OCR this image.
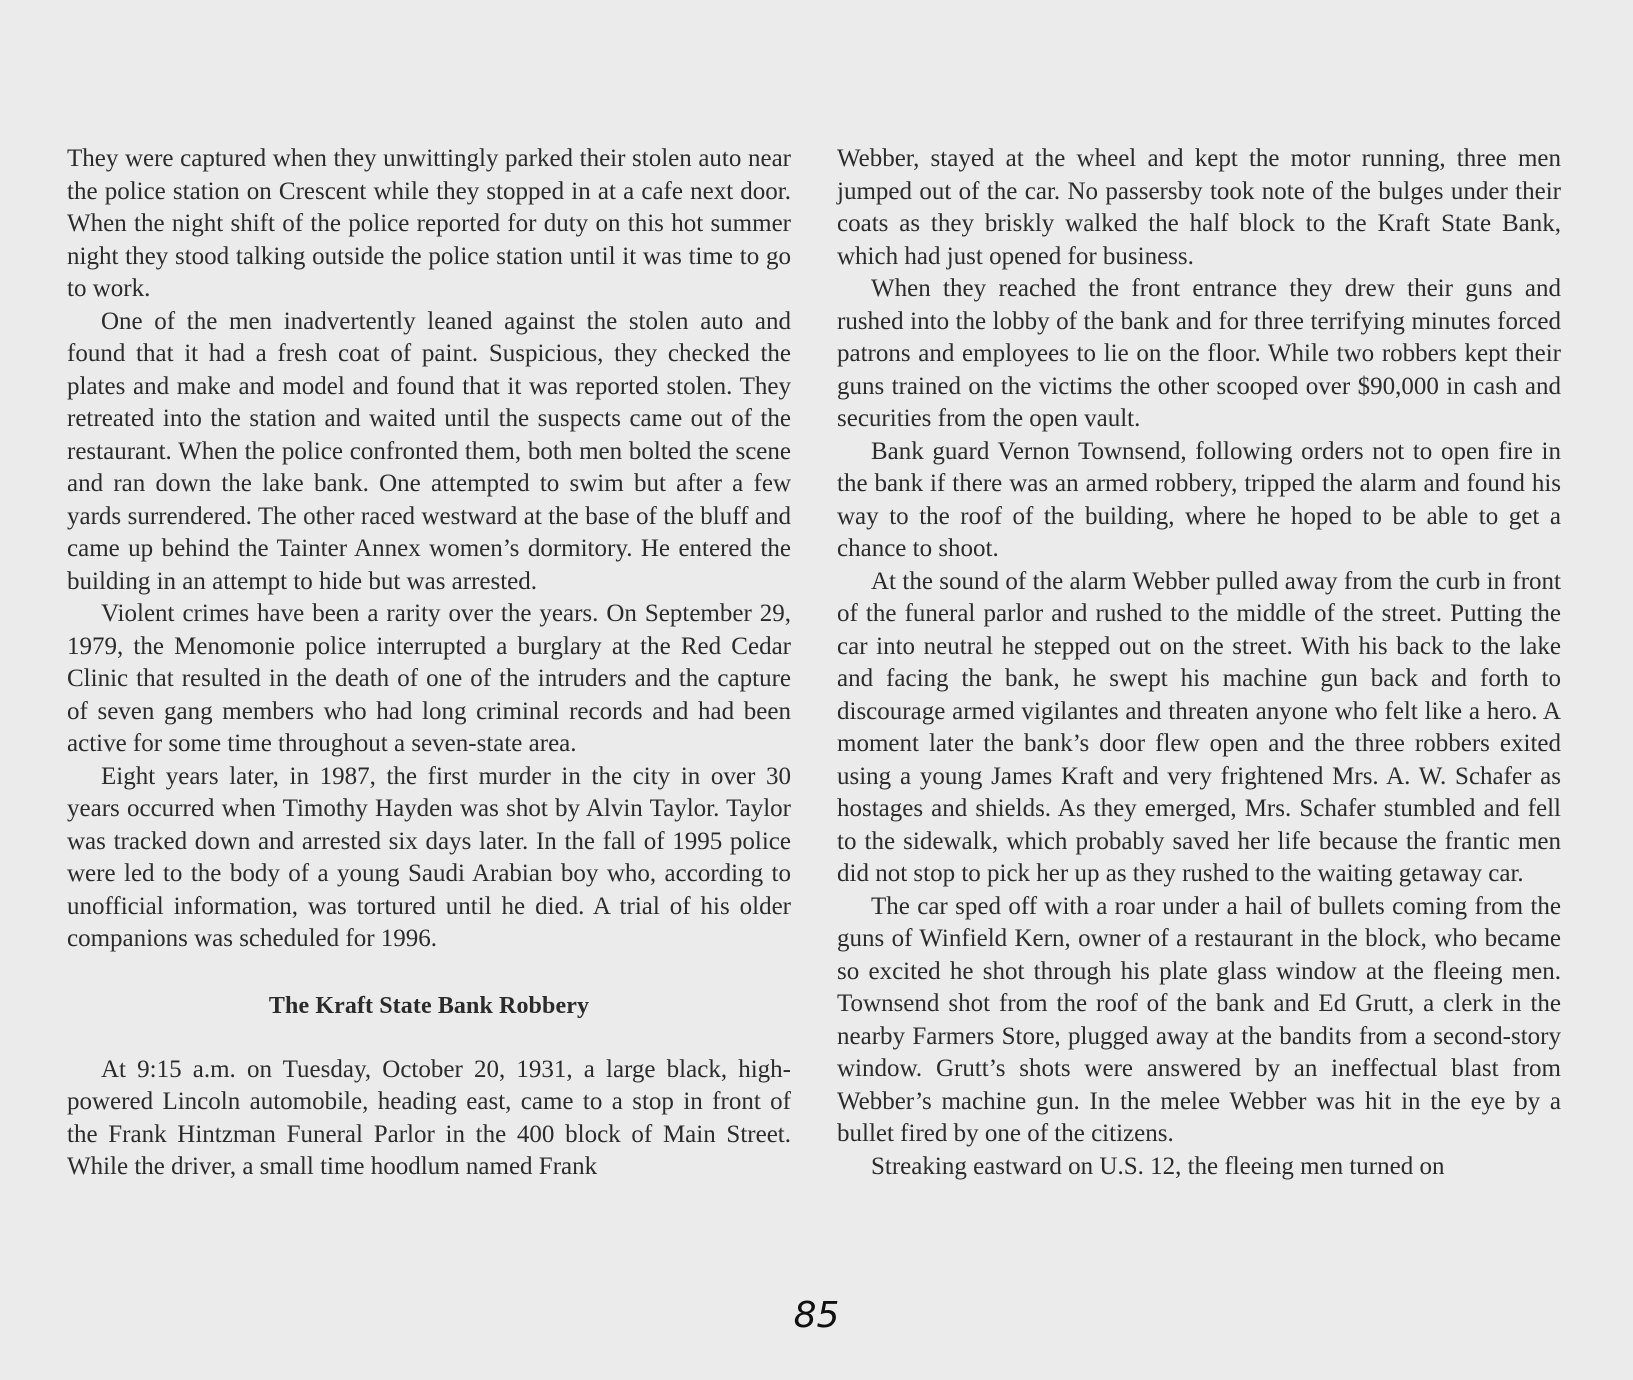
They were captured when they unwittingly parked their stolen auto near the police station on Crescent while they stopped in at a cafe next door. When the night shift of the police reported for duty on this hot summer night they stood talking outside the police station until it was time to go to work.

One of the men inadvertently leaned against the stolen auto and found that it had a fresh coat of paint. Suspicious, they checked the plates and make and model and found that it was reported stolen. They retreated into the station and waited until the suspects came out of the restaurant. When the police confronted them, both men bolted the scene and ran down the lake bank. One attempted to swim but after a few yards surrendered. The other raced westward at the base of the bluff and came up behind the Tainter Annex women’s dormitory. He entered the building in an attempt to hide but was arrested.

Violent crimes have been a rarity over the years. On September 29, 1979, the Menomonie police interrupted a burglary at the Red Cedar Clinic that resulted in the death of one of the intruders and the capture of seven gang members who had long criminal records and had been active for some time throughout a seven-state area.

Eight years later, in 1987, the first murder in the city in over 30 years occurred when Timothy Hayden was shot by Alvin Taylor. Taylor was tracked down and arrested six days later. In the fall of 1995 police were led to the body of a young Saudi Arabian boy who, according to unofficial information, was tortured until he died. A trial of his older companions was scheduled for 1996.

The Kraft State Bank Robbery

At 9:15 a.m. on Tuesday, October 20, 1931, a large black, high-powered Lincoln automobile, heading east, came to a stop in front of the Frank Hintzman Funeral Parlor in the 400 block of Main Street. While the driver, a small time hoodlum named Frank

Webber, stayed at the wheel and kept the motor running, three men jumped out of the car. No passersby took note of the bulges under their coats as they briskly walked the half block to the Kraft State Bank, which had just opened for business.

When they reached the front entrance they drew their guns and rushed into the lobby of the bank and for three terrifying minutes forced patrons and employees to lie on the floor. While two robbers kept their guns trained on the victims the other scooped over $90,000 in cash and securities from the open vault.

Bank guard Vernon Townsend, following orders not to open fire in the bank if there was an armed robbery, tripped the alarm and found his way to the roof of the building, where he hoped to be able to get a chance to shoot.

At the sound of the alarm Webber pulled away from the curb in front of the funeral parlor and rushed to the middle of the street. Putting the car into neutral he stepped out on the street. With his back to the lake and facing the bank, he swept his machine gun back and forth to discourage armed vigilantes and threaten anyone who felt like a hero. A moment later the bank’s door flew open and the three robbers exited using a young James Kraft and very frightened Mrs. A. W. Schafer as hostages and shields. As they emerged, Mrs. Schafer stumbled and fell to the sidewalk, which probably saved her life because the frantic men did not stop to pick her up as they rushed to the waiting getaway car.

The car sped off with a roar under a hail of bullets coming from the guns of Winfield Kern, owner of a restaurant in the block, who became so excited he shot through his plate glass window at the fleeing men. Townsend shot from the roof of the bank and Ed Grutt, a clerk in the nearby Farmers Store, plugged away at the bandits from a second-story window. Grutt’s shots were answered by an ineffectual blast from Webber’s machine gun. In the melee Webber was hit in the eye by a bullet fired by one of the citizens.

Streaking eastward on U.S. 12, the fleeing men turned on

85
